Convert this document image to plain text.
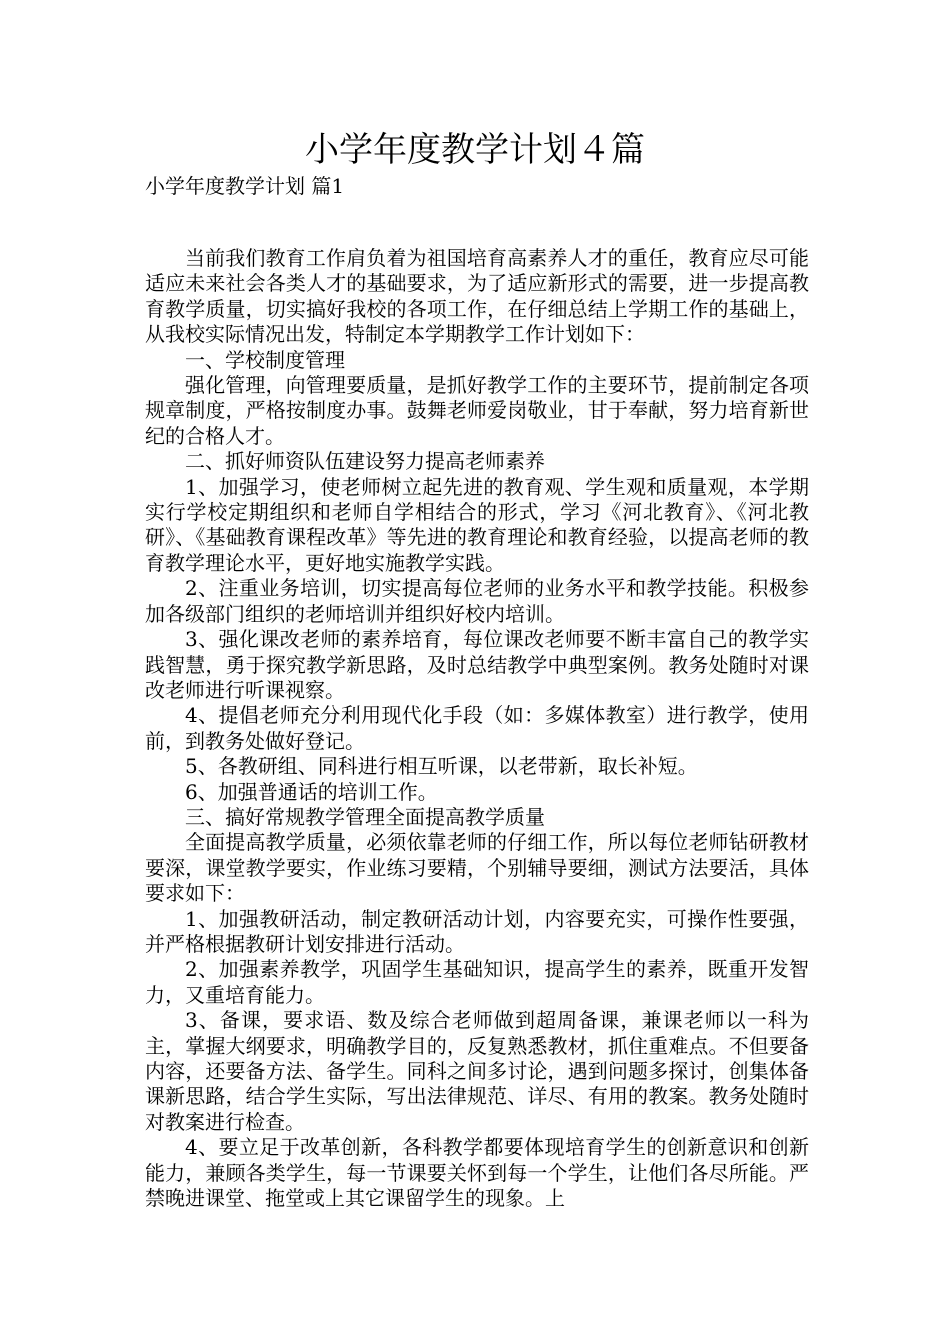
小学年度教学计划４篇
小学年度教学计划 篇1

当前我们教育工作肩负着为祖国培育高素养人才的重任，教育应尽可能适应未来社会各类人才的基础要求，为了适应新形式的需要，进一步提高教育教学质量，切实搞好我校的各项工作，在仔细总结上学期工作的基础上，从我校实际情况出发，特制定本学期教学工作计划如下：

一、学校制度管理

强化管理，向管理要质量，是抓好教学工作的主要环节，提前制定各项规章制度，严格按制度办事。鼓舞老师爱岗敬业，甘于奉献，努力培育新世纪的合格人才。

二、抓好师资队伍建设努力提高老师素养

1、加强学习，使老师树立起先进的教育观、学生观和质量观，本学期实行学校定期组织和老师自学相结合的形式，学习《河北教育》、《河北教研》、《基础教育课程改革》等先进的教育理论和教育经验，以提高老师的教育教学理论水平，更好地实施教学实践。

2、注重业务培训，切实提高每位老师的业务水平和教学技能。积极参加各级部门组织的老师培训并组织好校内培训。

3、强化课改老师的素养培育，每位课改老师要不断丰富自己的教学实践智慧，勇于探究教学新思路，及时总结教学中典型案例。教务处随时对课改老师进行听课视察。

4、提倡老师充分利用现代化手段（如：多媒体教室）进行教学，使用前，到教务处做好登记。

5、各教研组、同科进行相互听课，以老带新，取长补短。

6、加强普通话的培训工作。

三、搞好常规教学管理全面提高教学质量

全面提高教学质量，必须依靠老师的仔细工作，所以每位老师钻研教材要深，课堂教学要实，作业练习要精，个别辅导要细，测试方法要活，具体要求如下：

1、加强教研活动，制定教研活动计划，内容要充实，可操作性要强，并严格根据教研计划安排进行活动。

2、加强素养教学，巩固学生基础知识，提高学生的素养，既重开发智力，又重培育能力。

3、备课，要求语、数及综合老师做到超周备课，兼课老师以一科为主，掌握大纲要求，明确教学目的，反复熟悉教材，抓住重难点。不但要备内容，还要备方法、备学生。同科之间多讨论，遇到问题多探讨，创集体备课新思路，结合学生实际，写出法律规范、详尽、有用的教案。教务处随时对教案进行检查。

4、要立足于改革创新，各科教学都要体现培育学生的创新意识和创新能力，兼顾各类学生，每一节课要关怀到每一个学生，让他们各尽所能。严禁晚进课堂、拖堂或上其它课留学生的现象。上
